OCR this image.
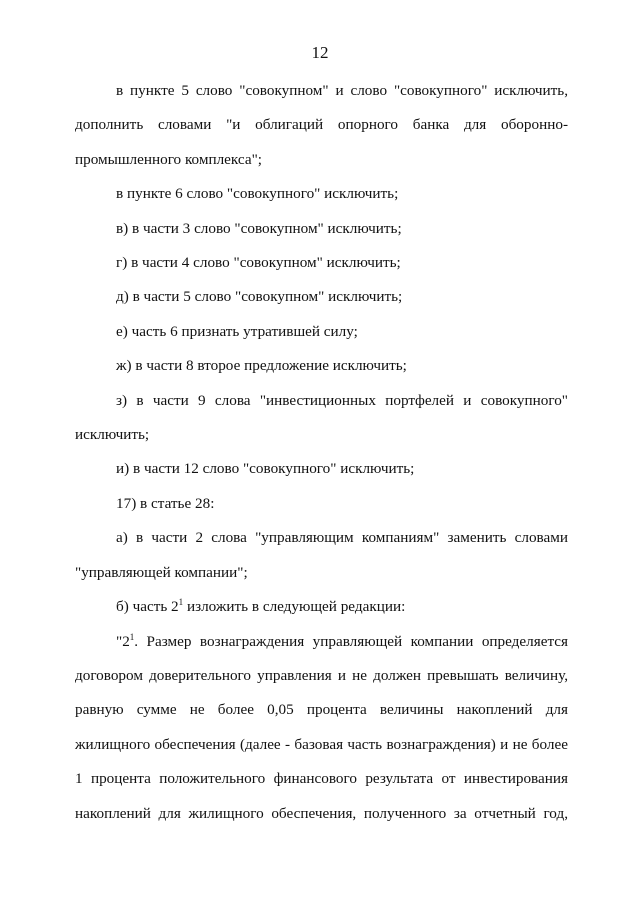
12

в пункте 5 слово "совокупном" и слово "совокупного" исключить, дополнить словами "и облигаций опорного банка для оборонно-промышленного комплекса";

в пункте 6 слово "совокупного" исключить;

в) в части 3 слово "совокупном" исключить;

г) в части 4 слово "совокупном" исключить;

д) в части 5 слово "совокупном" исключить;

е) часть 6 признать утратившей силу;

ж) в части 8 второе предложение исключить;

з) в части 9 слова "инвестиционных портфелей и совокупного" исключить;

и) в части 12 слово "совокупного" исключить;

17) в статье 28:

а) в части 2 слова "управляющим компаниям" заменить словами "управляющей компании";

б) часть $2^1$ изложить в следующей редакции:

"$2^1$. Размер вознаграждения управляющей компании определяется договором доверительного управления и не должен превышать величину, равную сумме не более 0,05 процента величины накоплений для жилищного обеспечения (далее - базовая часть вознаграждения) и не более 1 процента положительного финансового результата от инвестирования накоплений для жилищного обеспечения, полученного за отчетный год,
